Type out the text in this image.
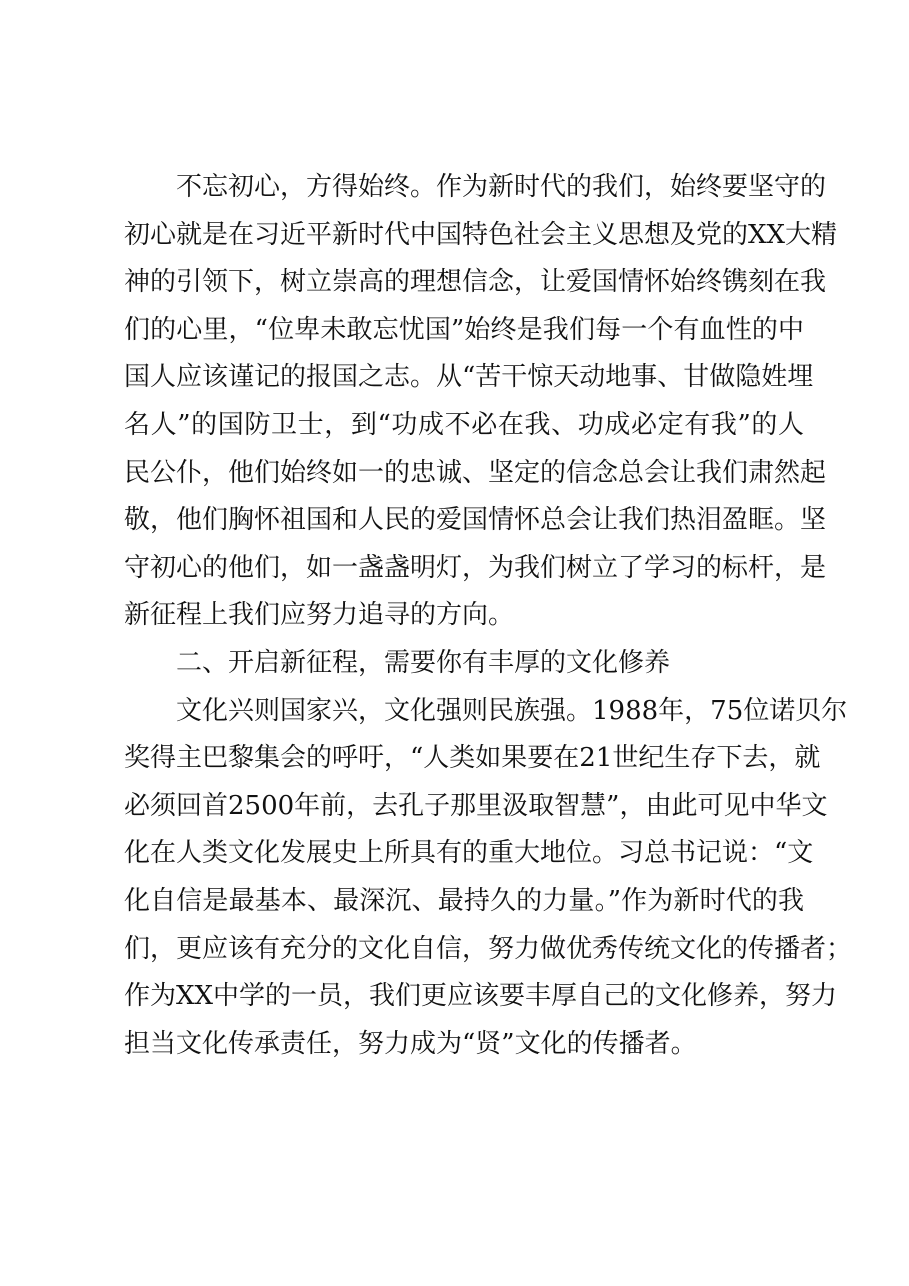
不忘初心，方得始终。作为新时代的我们，始终要坚守的
初心就是在习近平新时代中国特色社会主义思想及党的XX大精
神的引领下，树立崇高的理想信念，让爱国情怀始终镌刻在我
们的心里，“位卑未敢忘忧国”始终是我们每一个有血性的中
国人应该谨记的报国之志。从“苦干惊天动地事、甘做隐姓埋
名人”的国防卫士，到“功成不必在我、功成必定有我”的人
民公仆，他们始终如一的忠诚、坚定的信念总会让我们肃然起
敬，他们胸怀祖国和人民的爱国情怀总会让我们热泪盈眶。坚
守初心的他们，如一盏盏明灯，为我们树立了学习的标杆，是
新征程上我们应努力追寻的方向。
二、开启新征程，需要你有丰厚的文化修养
文化兴则国家兴，文化强则民族强。1988年，75位诺贝尔
奖得主巴黎集会的呼吁，“人类如果要在21世纪生存下去，就
必须回首2500年前，去孔子那里汲取智慧”，由此可见中华文
化在人类文化发展史上所具有的重大地位。习总书记说：“文
化自信是最基本、最深沉、最持久的力量。”作为新时代的我
们，更应该有充分的文化自信，努力做优秀传统文化的传播者；
作为XX中学的一员，我们更应该要丰厚自己的文化修养，努力
担当文化传承责任，努力成为“贤”文化的传播者。
